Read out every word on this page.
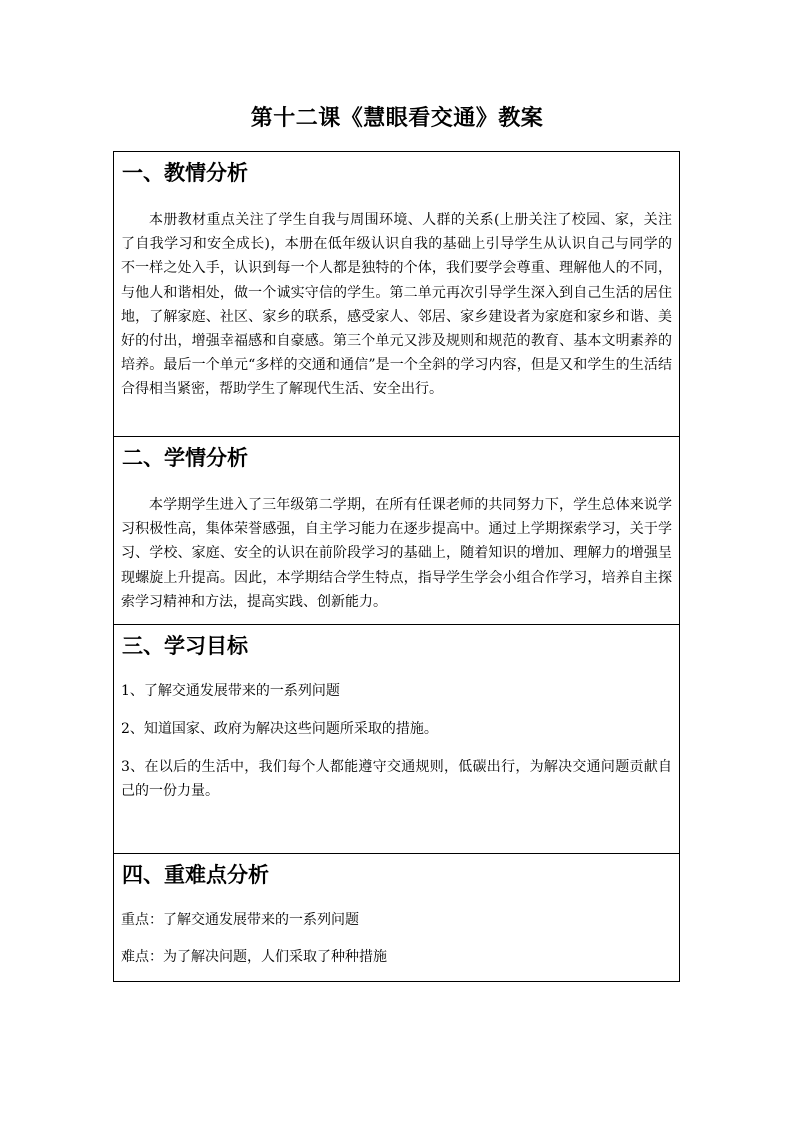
第十二课《慧眼看交通》教案
一、教情分析
本册教材重点关注了学生自我与周围环境、人群的关系(上册关注了校园、家，关注了自我学习和安全成长)，本册在低年级认识自我的基础上引导学生从认识自己与同学的不一样之处入手，认识到每一个人都是独特的个体，我们要学会尊重、理解他人的不同，与他人和谐相处，做一个诚实守信的学生。第二单元再次引导学生深入到自己生活的居住地，了解家庭、社区、家乡的联系，感受家人、邻居、家乡建设者为家庭和家乡和谐、美好的付出，增强幸福感和自豪感。第三个单元又涉及规则和规范的教育、基本文明素养的培养。最后一个单元“多样的交通和通信”是一个全斜的学习内容，但是又和学生的生活结合得相当紧密，帮助学生了解现代生活、安全出行。
二、学情分析
本学期学生进入了三年级第二学期，在所有任课老师的共同努力下，学生总体来说学习积极性高，集体荣誉感强，自主学习能力在逐步提高中。通过上学期探索学习，关于学习、学校、家庭、安全的认识在前阶段学习的基础上，随着知识的增加、理解力的增强呈现螺旋上升提高。因此，本学期结合学生特点，指导学生学会小组合作学习，培养自主探索学习精神和方法，提高实践、创新能力。
三、学习目标
1、了解交通发展带来的一系列问题
2、知道国家、政府为解决这些问题所采取的措施。
3、在以后的生活中，我们每个人都能遵守交通规则，低碳出行，为解决交通问题贡献自己的一份力量。
四、重难点分析
重点：了解交通发展带来的一系列问题
难点：为了解决问题，人们采取了种种措施
